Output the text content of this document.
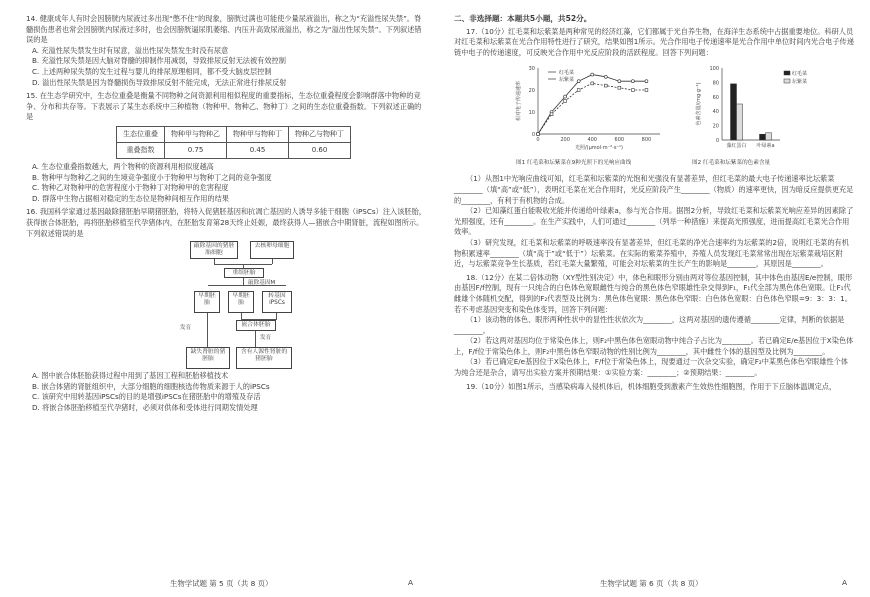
14. 健康成年人有时会因膀胱内尿液过多出现“憋不住”的现象，膀胱过满也可能使少量尿液溢出，称之为“充溢性尿失禁”。脊髓损伤患者也常会因膀胱内尿液过多时，也会因膀胱逼尿肌萎缩、内压升高致尿液溢出，称之为“溢出性尿失禁”。下列叙述错误的是
A. 充溢性尿失禁发生时有尿意，溢出性尿失禁发生时没有尿意
B. 充溢性尿失禁是因大脑对脊髓的抑制作用减弱，导致排尿反射无法被有效控制
C. 上述两种尿失禁的发生过程与婴儿的排尿原理相同，都不受大脑皮层控制
D. 溢出性尿失禁是因为脊髓损伤导致排尿反射不能完成，无法正常进行排尿反射
15. 在生态学研究中，生态位重叠是衡量不同物种之间资源利用相似程度的重要指标，生态位重叠程度会影响群落中物种的竞争、分布和共存等。下表展示了某生态系统中三种植物（物种甲、物种乙、物种丁）之间的生态位重叠指数。下列叙述正确的是
生态位重叠	物种甲与物种乙	物种甲与物种丁	物种乙与物种丁
重叠指数	0.75	0.45	0.60
A. 生态位重叠指数越大，两个物种的资源利用相似度越高
B. 物种甲与物种乙之间的生境竞争强度小于物种甲与物种丁之间的竞争强度
C. 物种乙对物种甲的危害程度小于物种丁对物种甲的危害程度
D. 群落中生物占据相对稳定的生态位是物种间相互作用的结果
16. 我国科学家通过基因敲除猪胚胎早期猪胚胎，将特入促猪胚基因和抗凋亡基因的人诱导多能干细胞（iPSCs）注入该胚胎，获得嵌合体胚胎，再将胚胎移植至代孕猪体内，在胚胎发育第28天终止妊娠，最终获得人—猪嵌合中期肾脏，流程如图所示。下列叙述错误的是
敲除基因的猪胚胎细胞
去核卵母细胞
重组胚胎
敲除基因M
早期胚胎
早期胚胎
转基因iPSCs
发育	嵌合体胚胎
发育
缺失肾脏的猪胚胎
含有人源性肾脏的猪胚胎
A. 图中嵌合体胚胎获得过程中用到了基因工程和胚胎移植技术
B. 嵌合体猪的肾脏组织中，大部分细胞的细胞核选传物质来源于人的iPSCs
C. 该研究中用转基因iPSCs的目的是增强iPSCs在猪胚胎中的增殖及存活
D. 将嵌合体胚胎移植至代孕猪时，必须对供体和受体进行同期发情处理
生物学试题 第 5 页（共 8 页）	A
二、非选择题：本题共5小题，共52分。
17.（10分）红毛菜和坛紫菜是两种常见的经济红藻，它们都属于光自养生物，在海洋生态系统中占据重要地位。科研人员对红毛菜和坛紫菜在光合作用特性进行了研究，结果如图1所示。光合作用电子传递速率是光合作用中单位时间内光合电子传递链中电子的传递速度，可反映光合作用中光反应阶段的活跃程度。回答下列问题：
0
10
20
30
0	200	400	600	800
光照/(μmol·m⁻²·s⁻¹)
相对电子传递速率
红毛菜
坛紫菜
图1 红毛菜和坛紫菜在9种光照下的光响应曲线
0
20
40
60
80
100
色素含量/(mg·g⁻¹)
藻红蛋白 叶绿素a
红毛菜
坛紫菜
图2 红毛菜和坛紫菜的色素含量
（1）从图1中光响应曲线可知，红毛菜和坛紫菜的光饱和光强没有显著差异，但红毛菜的最大电子传递速率比坛紫菜________（填“高”或“低”），表明红毛菜在光合作用时，光反应阶段产生________（物质）的速率更快，因为暗反应提供更充足的________，有利于有机物的合成。
（2）已知藻红蛋白能吸收光能并传递给叶绿素a，参与光合作用。据图2分析，导致红毛菜和坛紫菜光响应差异的因素除了光照强度，还有________。在生产实践中，人们可通过________（列举一种措施）来提高光照强度，进而提高红毛菜光合作用效率。
（3）研究发现，红毛菜和坛紫菜的呼吸速率没有显著差异，但红毛菜的净光合速率约为坛紫菜的2倍，说明红毛菜的有机物积累速率________（填“高于”或“低于”）坛紫菜。在实际的紫菜养殖中，养殖人员发现红毛菜常常出现在坛紫菜栽培区附近，与坛紫菜竞争生长基质，若红毛菜大量繁殖，可能会对坛紫菜的生长产生的影响是________，其原因是________。
18.（12分）在某二倍体动物（XY型性别决定）中，体色和眼形分别由两对等位基因控制，其中体色由基因E/e控制，眼形由基因F/f控制，现有一只纯合的白色体色宽眼雌性与纯合的黑色体色窄眼雄性杂交得到F₁，F₁代全部为黑色体色宽眼。让F₁代雌雄个体随机交配，得到的F₂代表型及比例为：黑色体色宽眼：黑色体色窄眼：白色体色宽眼：白色体色窄眼=9：3：3：1。若不考虑基因突变和染色体变异，回答下列问题：
（1）该动物的体色、眼形两种性状中的显性性状依次为________，这两对基因的遗传遵循________定律，判断的依据是________。
（2）若这两对基因均位于常染色体上，则F₂中黑色体色宽眼动物中纯合子占比为________。若已确定E/e基因位于X染色体上，F/f位于常染色体上，则F₂中黑色体色窄眼动物的性别比例为________，其中雌性个体的基因型及比例为________。
（3）若已确定E/e基因位于X染色体上，F/f位于常染色体上，现要通过一次杂交实验，确定F₂中某黑色体色窄眼雄性个体为纯合还是杂合，请写出实验方案并预期结果：①实验方案：________；②预期结果：________。
19.（10分）如图1所示，当感染病毒入侵机体后，机体细胞受到激素产生效热性细胞图，作用于下丘脑体温调定点，
生物学试题 第 6 页（共 8 页）	A
